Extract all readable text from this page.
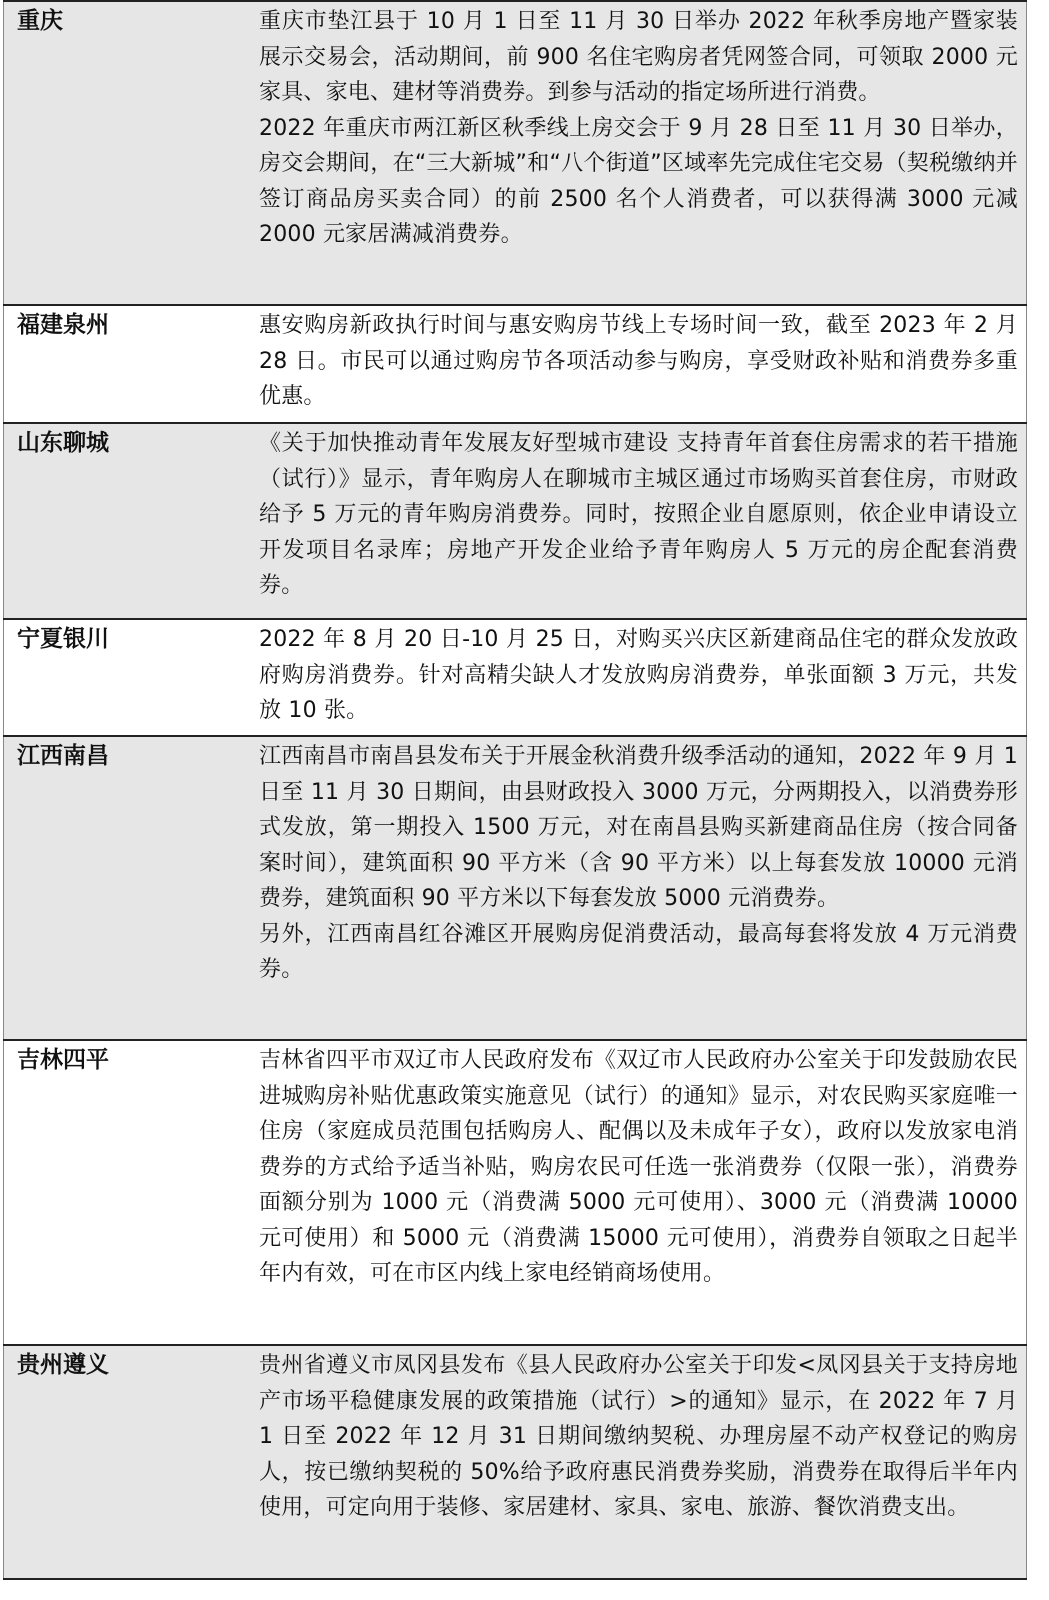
重庆	重庆市垫江县于 10 月 1 日至 11 月 30 日举办 2022 年秋季房地产暨家装展示交易会，活动期间，前 900 名住宅购房者凭网签合同，可领取 2000 元家具、家电、建材等消费券。到参与活动的指定场所进行消费。
2022 年重庆市两江新区秋季线上房交会于 9 月 28 日至 11 月 30 日举办，房交会期间，在“三大新城”和“八个街道”区域率先完成住宅交易（契税缴纳并签订商品房买卖合同）的前 2500 名个人消费者，可以获得满 3000 元减 2000 元家居满减消费券。

福建泉州	惠安购房新政执行时间与惠安购房节线上专场时间一致，截至 2023 年 2 月 28 日。市民可以通过购房节各项活动参与购房，享受财政补贴和消费券多重优惠。

山东聊城	《关于加快推动青年发展友好型城市建设 支持青年首套住房需求的若干措施（试行）》显示，青年购房人在聊城市主城区通过市场购买首套住房，市财政给予 5 万元的青年购房消费券。同时，按照企业自愿原则，依企业申请设立开发项目名录库；房地产开发企业给予青年购房人 5 万元的房企配套消费券。

宁夏银川	2022 年 8 月 20 日-10 月 25 日，对购买兴庆区新建商品住宅的群众发放政府购房消费券。针对高精尖缺人才发放购房消费券，单张面额 3 万元，共发放 10 张。

江西南昌	江西南昌市南昌县发布关于开展金秋消费升级季活动的通知，2022 年 9 月 1 日至 11 月 30 日期间，由县财政投入 3000 万元，分两期投入，以消费券形式发放，第一期投入 1500 万元，对在南昌县购买新建商品住房（按合同备案时间），建筑面积 90 平方米（含 90 平方米）以上每套发放 10000 元消费券，建筑面积 90 平方米以下每套发放 5000 元消费券。
另外，江西南昌红谷滩区开展购房促消费活动，最高每套将发放 4 万元消费券。

吉林四平	吉林省四平市双辽市人民政府发布《双辽市人民政府办公室关于印发鼓励农民进城购房补贴优惠政策实施意见（试行）的通知》显示，对农民购买家庭唯一住房（家庭成员范围包括购房人、配偶以及未成年子女），政府以发放家电消费券的方式给予适当补贴，购房农民可任选一张消费券（仅限一张），消费券面额分别为 1000 元（消费满 5000 元可使用）、3000 元（消费满 10000 元可使用）和 5000 元（消费满 15000 元可使用），消费券自领取之日起半年内有效，可在市区内线上家电经销商场使用。

贵州遵义	贵州省遵义市凤冈县发布《县人民政府办公室关于印发<凤冈县关于支持房地产市场平稳健康发展的政策措施（试行）>的通知》显示，在 2022 年 7 月 1 日至 2022 年 12 月 31 日期间缴纳契税、办理房屋不动产权登记的购房人，按已缴纳契税的 50%给予政府惠民消费券奖励，消费券在取得后半年内使用，可定向用于装修、家居建材、家具、家电、旅游、餐饮消费支出。
